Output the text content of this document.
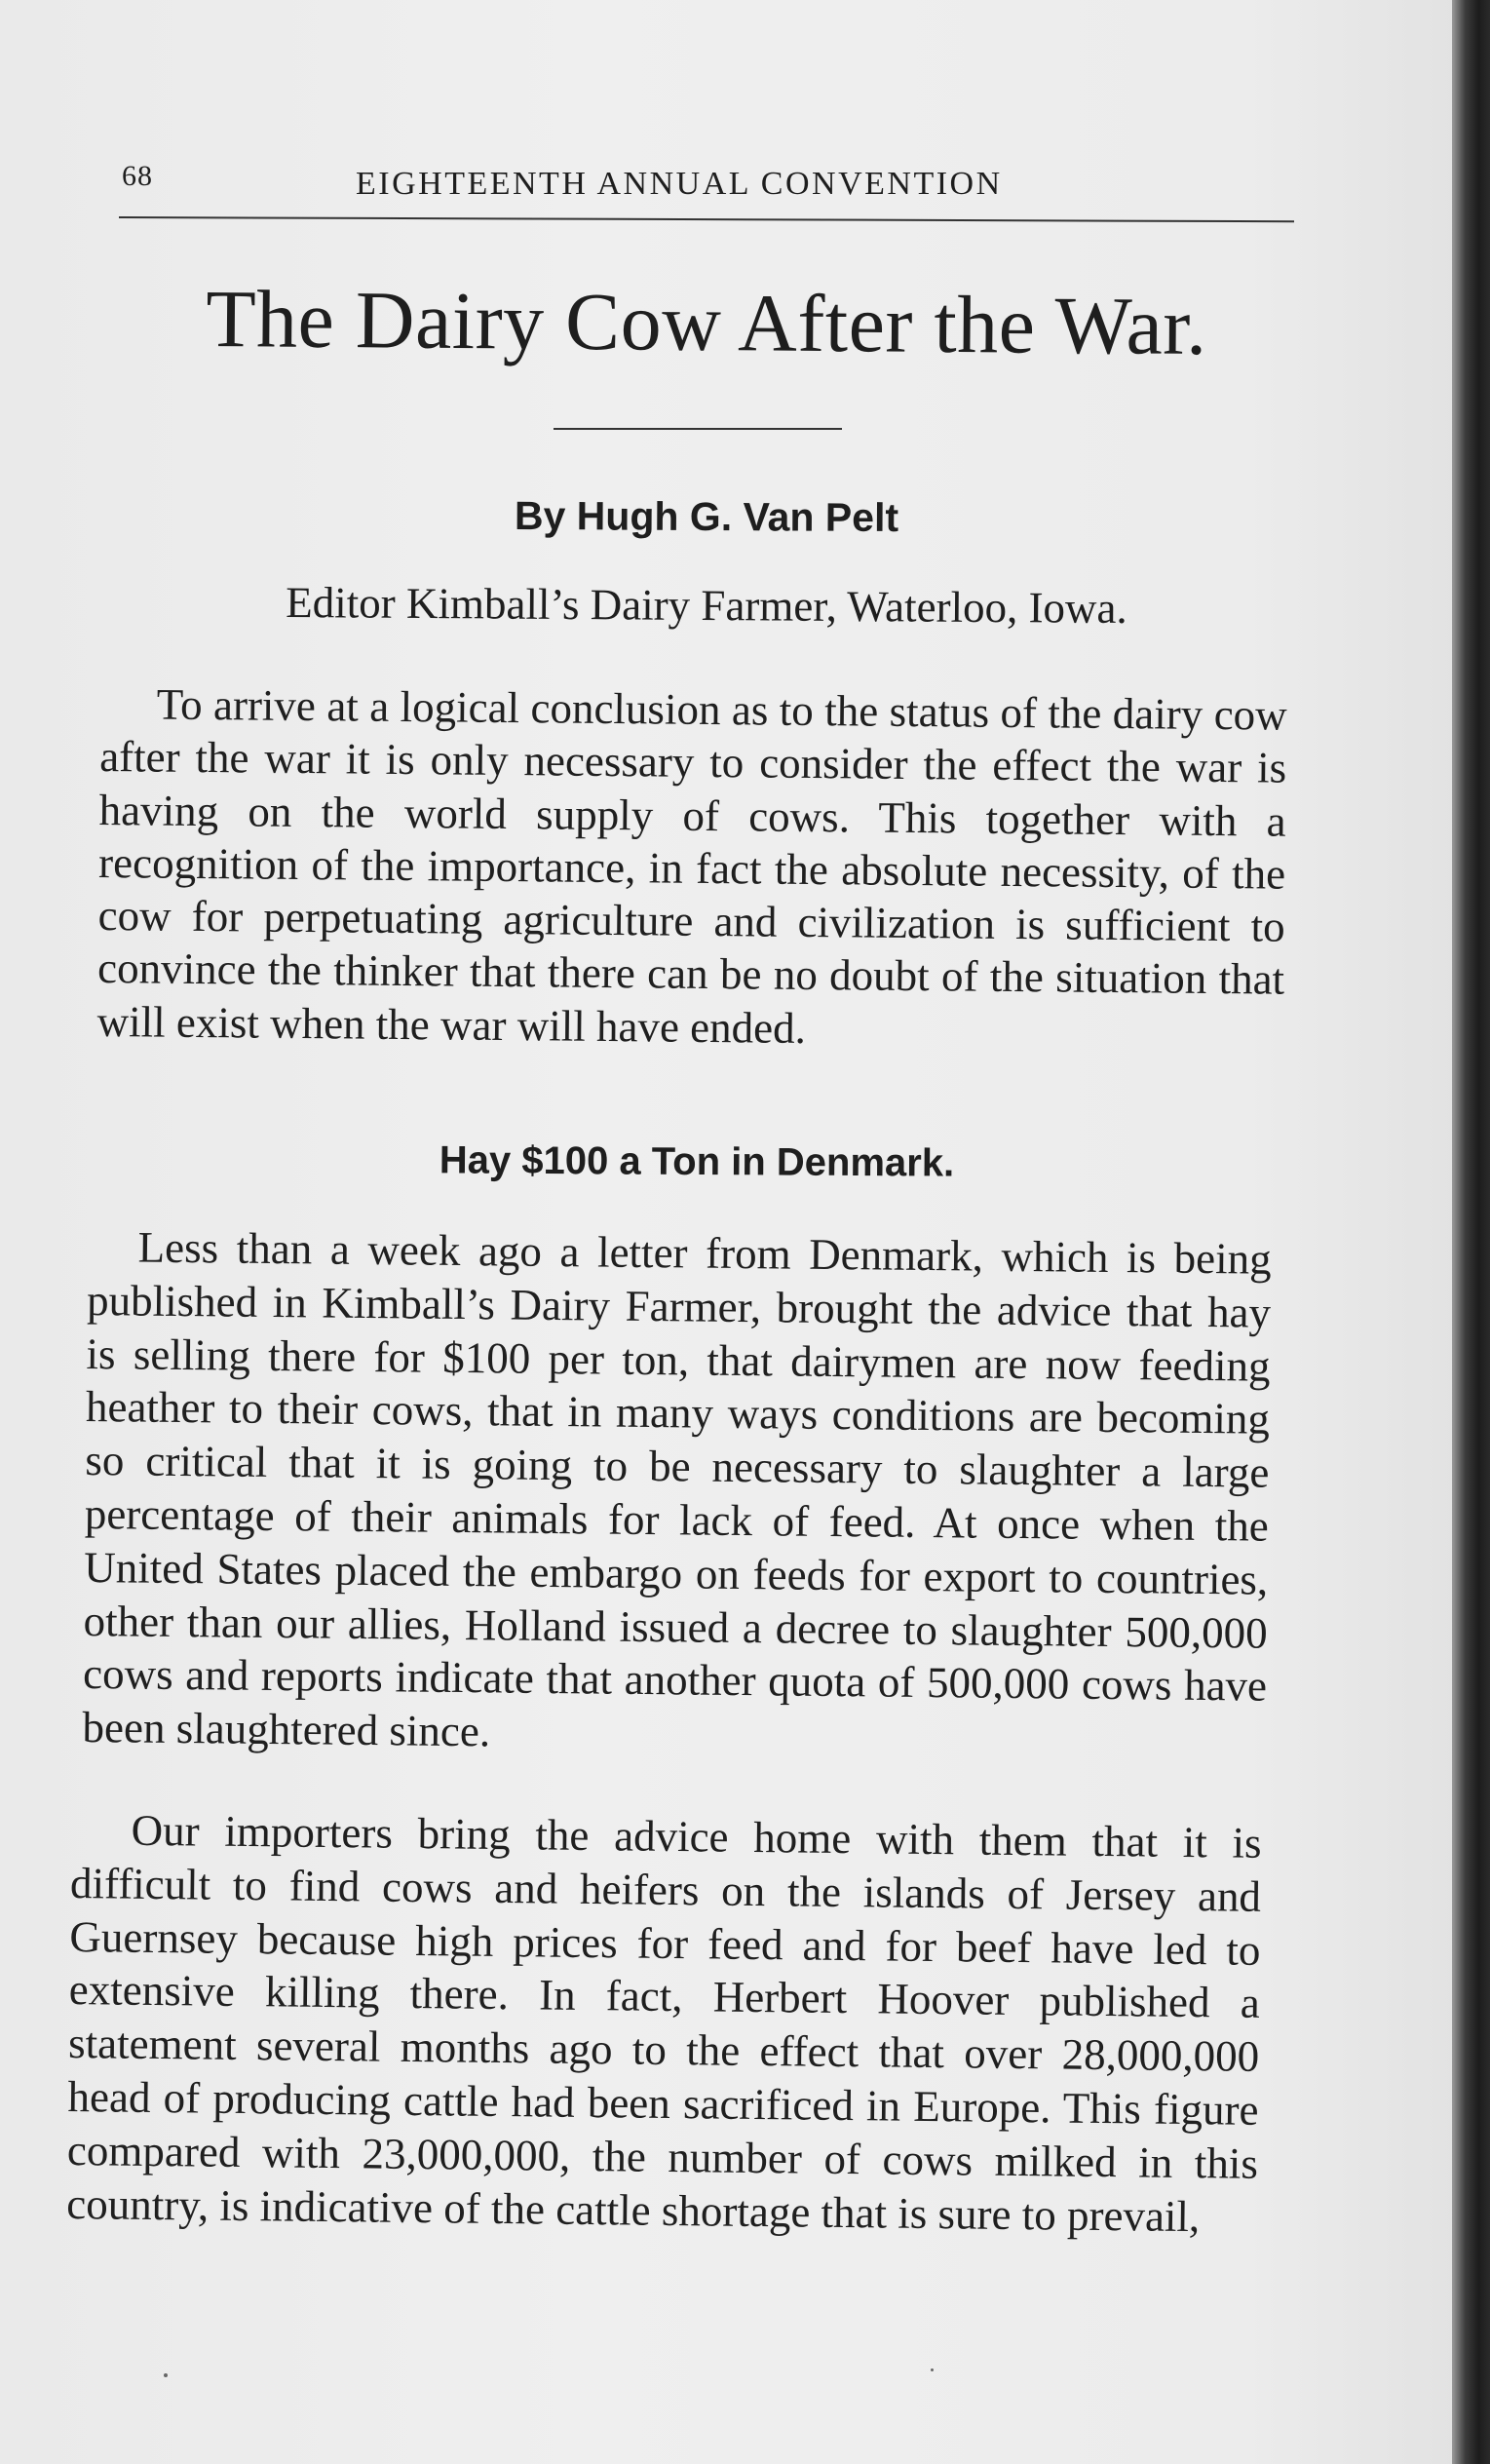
68	EIGHTEENTH ANNUAL CONVENTION
The Dairy Cow After the War.
By Hugh G. Van Pelt
Editor Kimball’s Dairy Farmer, Waterloo, Iowa.

To arrive at a logical conclusion as to the status of the dairy cow after the war it is only necessary to consider the effect the war is having on the world supply of cows. This together with a recognition of the importance, in fact the absolute necessity, of the cow for perpetuating agriculture and civilization is sufficient to convince the thinker that there can be no doubt of the situation that will exist when the war will have ended.

Hay $100 a Ton in Denmark.

Less than a week ago a letter from Denmark, which is being published in Kimball’s Dairy Farmer, brought the advice that hay is selling there for $100 per ton, that dairymen are now feeding heather to their cows, that in many ways conditions are becoming so critical that it is going to be necessary to slaughter a large percentage of their animals for lack of feed. At once when the United States placed the embargo on feeds for export to countries, other than our allies, Holland issued a decree to slaughter 500,000 cows and reports indicate that another quota of 500,000 cows have been slaughtered since.

Our importers bring the advice home with them that it is difficult to find cows and heifers on the islands of Jersey and Guernsey because high prices for feed and for beef have led to extensive killing there. In fact, Herbert Hoover published a statement several months ago to the effect that over 28,000,000 head of producing cattle had been sacrificed in Europe. This figure compared with 23,000,000, the number of cows milked in this country, is indicative of the cattle shortage that is sure to prevail,
